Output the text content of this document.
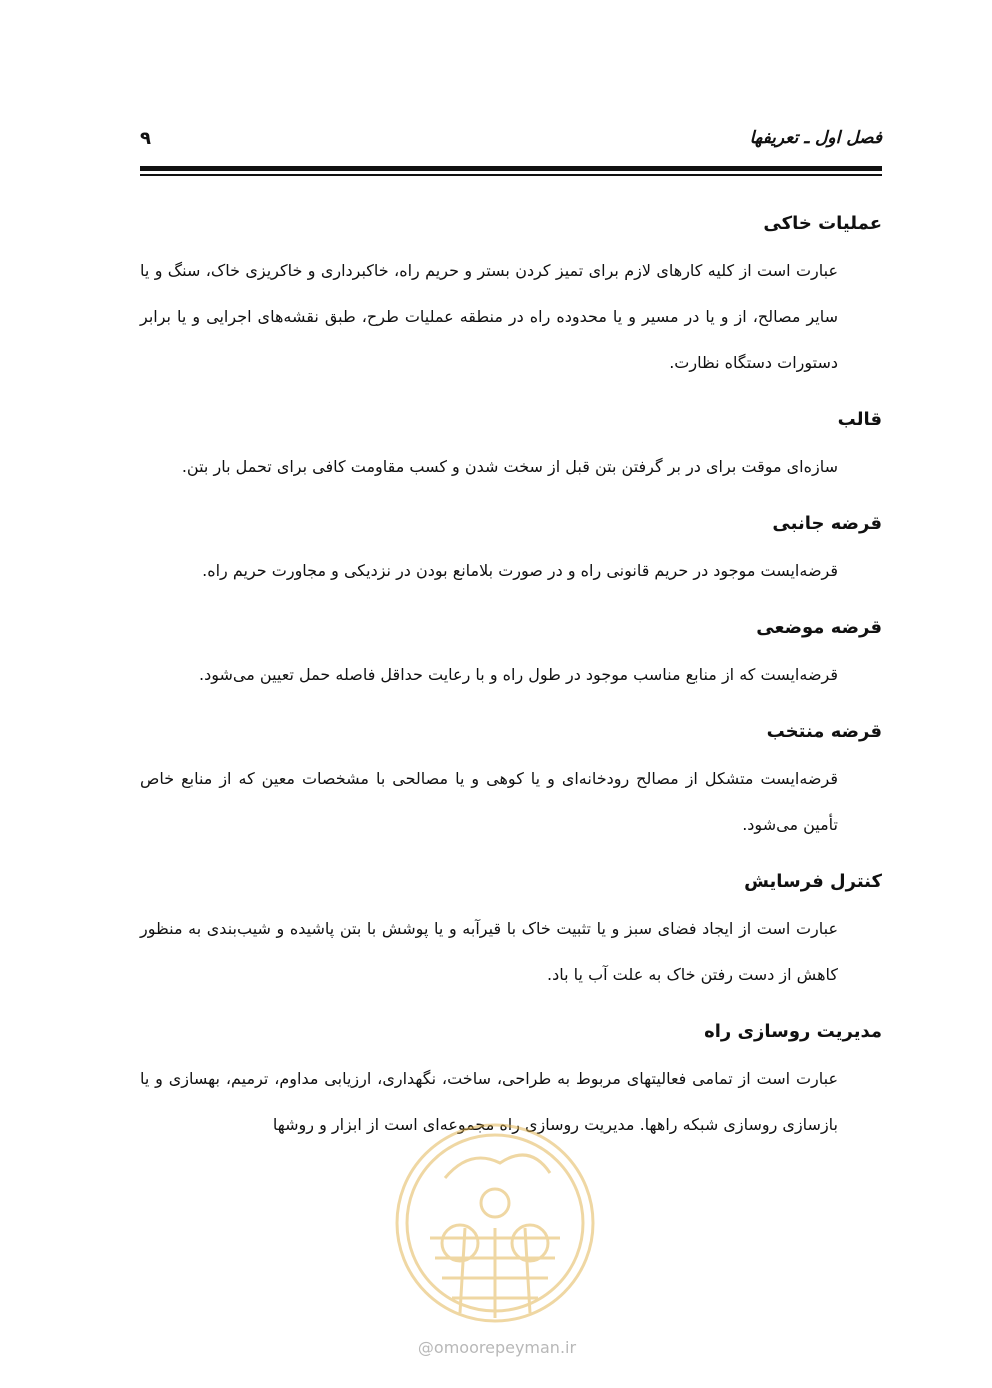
فصل اول ـ تعریفها
۹
عملیات خاکی

عبارت است از کلیه کارهای لازم برای تمیز کردن بستر و حریم راه، خاکبرداری و خاکریزی خاک، سنگ و یا سایر مصالح، از و یا در مسیر و یا محدوده راه در منطقه عملیات طرح، طبق نقشه‌های اجرایی و یا برابر دستورات دستگاه نظارت.

قالب

سازه‌ای موقت برای در بر گرفتن بتن قبل از سخت شدن و کسب مقاومت کافی برای تحمل بار بتن.

قرضه جانبی

قرضه‌ایست موجود در حریم قانونی راه و در صورت بلامانع بودن در نزدیکی و مجاورت حریم راه.

قرضه موضعی

قرضه‌ایست که از منابع مناسب موجود در طول راه و با رعایت حداقل فاصله حمل تعیین می‌شود.

قرضه منتخب

قرضه‌ایست متشکل از مصالح رودخانه‌ای و یا کوهی و یا مصالحی با مشخصات معین که از منابع خاص تأمین می‌شود.

کنترل فرسایش

عبارت است از ایجاد فضای سبز و یا تثبیت خاک با قیرآبه و یا پوشش با بتن پاشیده و شیب‌بندی به منظور کاهش از دست رفتن خاک به علت آب یا باد.

مدیریت روسازی راه

عبارت است از تمامی فعالیتهای مربوط به طراحی، ساخت، نگهداری، ارزیابی مداوم، ترمیم، بهسازی و یا بازسازی روسازی شبکه راهها. مدیریت روسازی راه مجموعه‌ای است از ابزار و روشها

@omoorepeyman.ir
